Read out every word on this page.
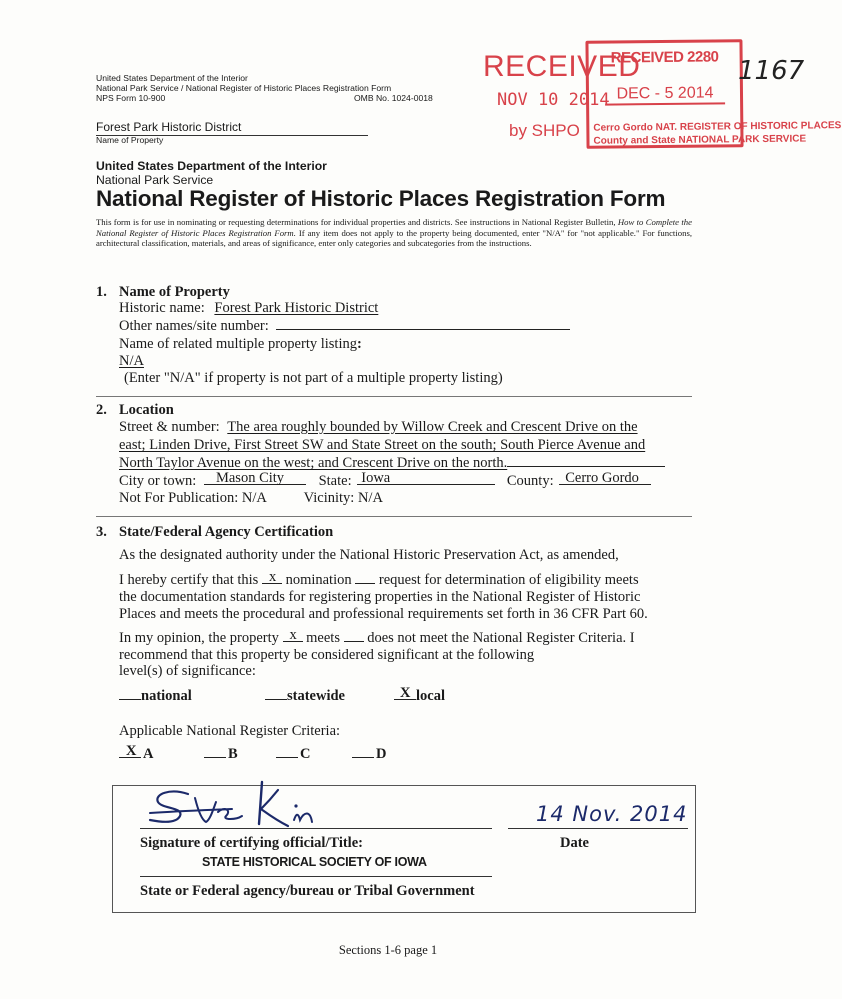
United States Department of the Interior
National Park Service / National Register of Historic Places Registration Form
NPS Form 10-900	OMB No. 1024-0018
Forest Park Historic District
Name of Property
RECEIVED
NOV 10 2014
by SHPO
RECEIVED 2280
DEC - 5 2014
Cerro Gordo NAT. REGISTER OF HISTORIC PLACES
County and State NATIONAL PARK SERVICE
1167
United States Department of the Interior
National Park Service
National Register of Historic Places Registration Form
This form is for use in nominating or requesting determinations for individual properties and districts. See instructions in National Register Bulletin, How to Complete the National Register of Historic Places Registration Form. If any item does not apply to the property being documented, enter "N/A" for "not applicable." For functions, architectural classification, materials, and areas of significance, enter only categories and subcategories from the instructions.
1. Name of Property
Historic name: Forest Park Historic District
Other names/site number:
Name of related multiple property listing:
N/A
(Enter "N/A" if property is not part of a multiple property listing)
2. Location
Street & number: The area roughly bounded by Willow Creek and Crescent Drive on the
east; Linden Drive, First Street SW and State Street on the south; South Pierce Avenue and
North Taylor Avenue on the west; and Crescent Drive on the north.
City or town: Mason City State: Iowa	County: Cerro Gordo
Not For Publication: N/A	Vicinity: N/A
3. State/Federal Agency Certification
As the designated authority under the National Historic Preservation Act, as amended,
I hereby certify that this x nomination  request for determination of eligibility meets
the documentation standards for registering properties in the National Register of Historic
Places and meets the procedural and professional requirements set forth in 36 CFR Part 60.
In my opinion, the property x meets  does not meet the National Register Criteria. I
recommend that this property be considered significant at the following
level(s) of significance:
national	statewide	X local
Applicable National Register Criteria:
X A	B	C	D
14 Nov. 2014
Signature of certifying official/Title:	Date
STATE HISTORICAL SOCIETY OF IOWA
State or Federal agency/bureau or Tribal Government
Sections 1-6 page 1
